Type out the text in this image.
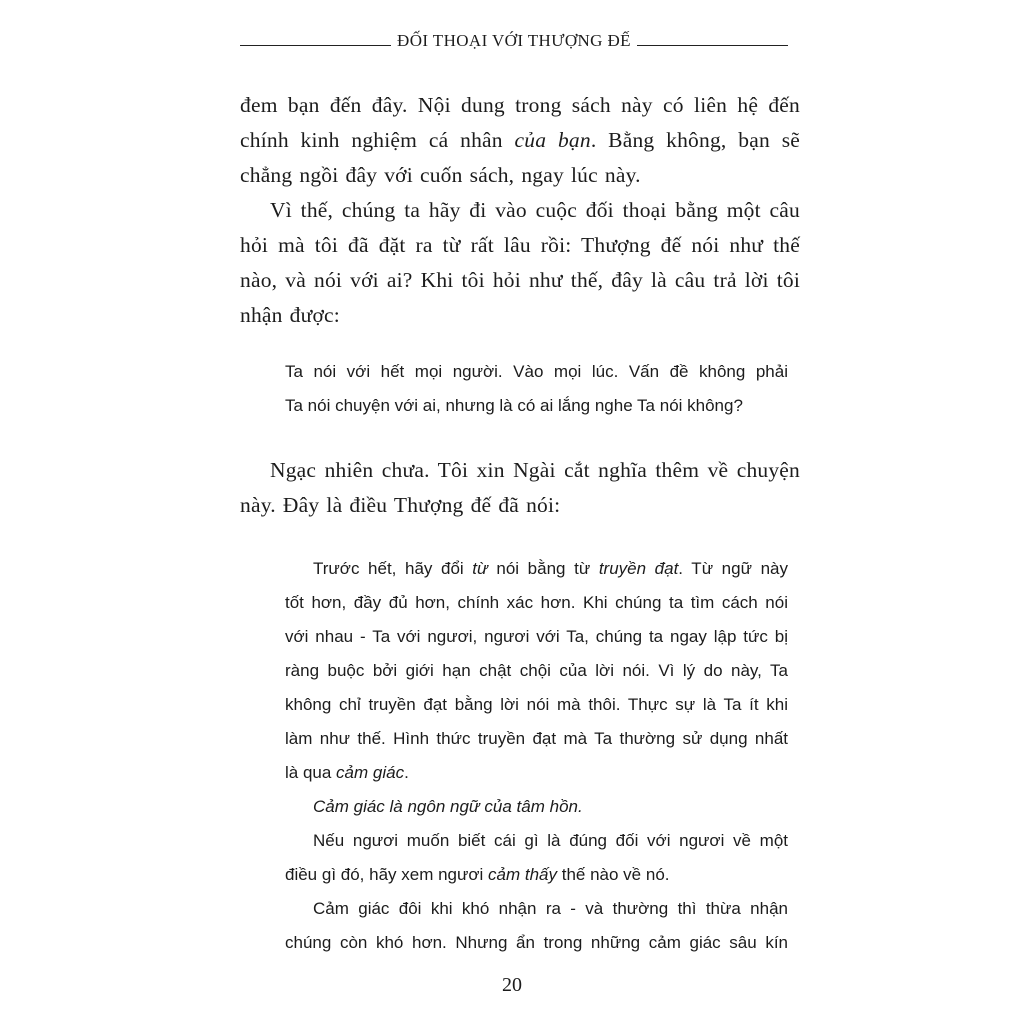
ĐỐI THOẠI VỚI THƯỢNG ĐẾ
đem bạn đến đây. Nội dung trong sách này có liên hệ đến
chính kinh nghiệm cá nhân của bạn. Bằng không, bạn sẽ
chẳng ngồi đây với cuốn sách, ngay lúc này.
Vì thế, chúng ta hãy đi vào cuộc đối thoại bằng một câu
hỏi mà tôi đã đặt ra từ rất lâu rồi: Thượng đế nói như thế
nào, và nói với ai? Khi tôi hỏi như thế, đây là câu trả lời tôi
nhận được:
Ta nói với hết mọi người. Vào mọi lúc. Vấn đề không phải
Ta nói chuyện với ai, nhưng là có ai lắng nghe Ta nói không?
Ngạc nhiên chưa. Tôi xin Ngài cắt nghĩa thêm về chuyện
này. Đây là điều Thượng đế đã nói:
Trước hết, hãy đổi từ nói bằng từ truyền đạt. Từ ngữ này
tốt hơn, đầy đủ hơn, chính xác hơn. Khi chúng ta tìm cách nói
với nhau - Ta với ngươi, ngươi với Ta, chúng ta ngay lập tức bị
ràng buộc bởi giới hạn chật chội của lời nói. Vì lý do này, Ta
không chỉ truyền đạt bằng lời nói mà thôi. Thực sự là Ta ít khi
làm như thế. Hình thức truyền đạt mà Ta thường sử dụng nhất
là qua cảm giác.
Cảm giác là ngôn ngữ của tâm hồn.
Nếu ngươi muốn biết cái gì là đúng đối với ngươi về một
điều gì đó, hãy xem ngươi cảm thấy thế nào về nó.
Cảm giác đôi khi khó nhận ra - và thường thì thừa nhận
chúng còn khó hơn. Nhưng ẩn trong những cảm giác sâu kín
20
